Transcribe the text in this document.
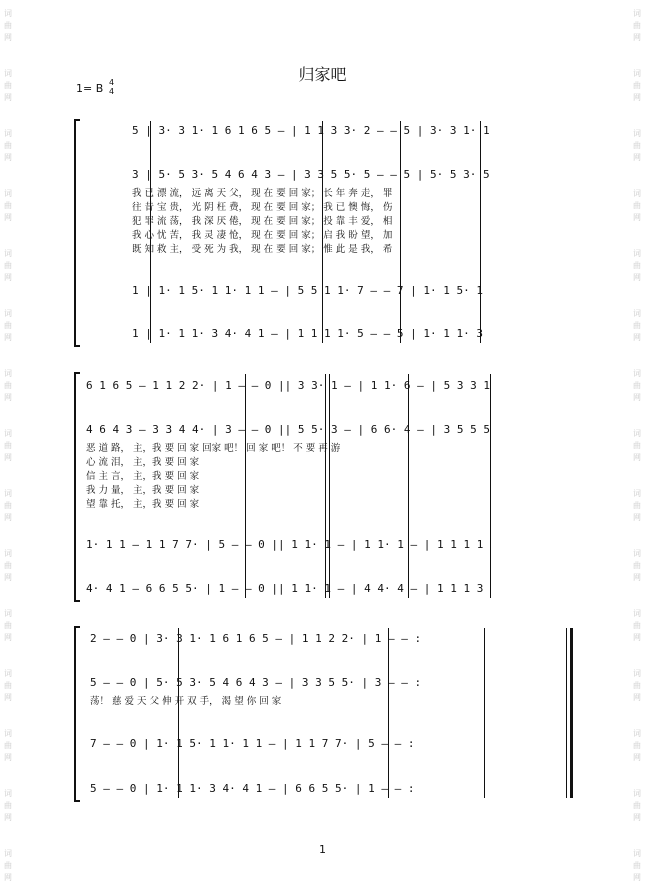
词
曲
网
词
曲
网
词
曲
网
词
曲
网
词
曲
网
词
曲
网
词
曲
网
词
曲
网
词
曲
网
词
曲
网
词
曲
网
词
曲
网
词
曲
网
词
曲
网
词
曲
网
词
曲
网
词
曲
网
词
曲
网
词
曲
网
词
曲
网
词
曲
网
词
曲
网
词
曲
网
词
曲
网
词
曲
网
词
曲
网
词
曲
网
词
曲
网
词
曲
网
词
曲
网
归家吧
1= B 4
4
5 | 3· 3 1· 1 6 1 6 5 – | 1 1 3 3· 2 – – 5 | 3· 3 1· 1
3 | 5· 5 3· 5 4 6 4 3 – | 3 3 5 5· 5 – – 5 | 5· 5 3· 5
我 已 漂 流， 远 离 天 父， 现 在 要 回 家； 长 年 奔 走， 罪
往 昔 宝 贵， 光 阴 枉 费， 现 在 要 回 家； 我 已 懊 悔， 伤
犯 罪 流 荡， 我 深 厌 倦， 现 在 要 回 家； 投 靠 丰 爱， 相
我 心 忧 苦， 我 灵 凄 怆， 现 在 要 回 家； 启 我 盼 望， 加
既 知 救 主， 受 死 为 我， 现 在 要 回 家； 惟 此 是 我， 希
1 | 1· 1 5· 1 1· 1 1 – | 5 5 1 1· 7 – – 7 | 1· 1 5· 1
1 | 1· 1 1· 3 4· 4 1 – | 1 1 1 1· 5 – – 5 | 1· 1 1· 3
6 1 6 5 – 1 1 2 2· | 1 – – 0 || 3 3· 1 – | 1 1· 6 – | 5 3 3 1
4 6 4 3 – 3 3 4 4· | 3 – – 0 || 5 5· 3 – | 6 6· 4 – | 3 5 5 5
恶 道 路， 主，我 要 回 家 回家 吧！ 回 家 吧！ 不 要 再 游
心 流 泪， 主，我 要 回 家
信 主 言， 主，我 要 回 家
我 力 量， 主，我 要 回 家
望 靠 托， 主，我 要 回 家
1· 1 1 – 1 1 7 7· | 5 – – 0 || 1 1· 1 – | 1 1· 1 – | 1 1 1 1
4· 4 1 – 6 6 5 5· | 1 – – 0 || 1 1· 1 – | 4 4· 4 – | 1 1 1 3
2 – – 0 | 3· 3 1· 1 6 1 6 5 – | 1 1 2 2· | 1 – – :
5 – – 0 | 5· 5 3· 5 4 6 4 3 – | 3 3 5 5· | 3 – – :
荡！ 慈 爱 天 父 伸 开 双 手， 渴 望 你 回 家
7 – – 0 | 1· 1 5· 1 1· 1 1 – | 1 1 7 7· | 5 – – :
5 – – 0 | 1· 1 1· 3 4· 4 1 – | 6 6 5 5· | 1 – – :
1
